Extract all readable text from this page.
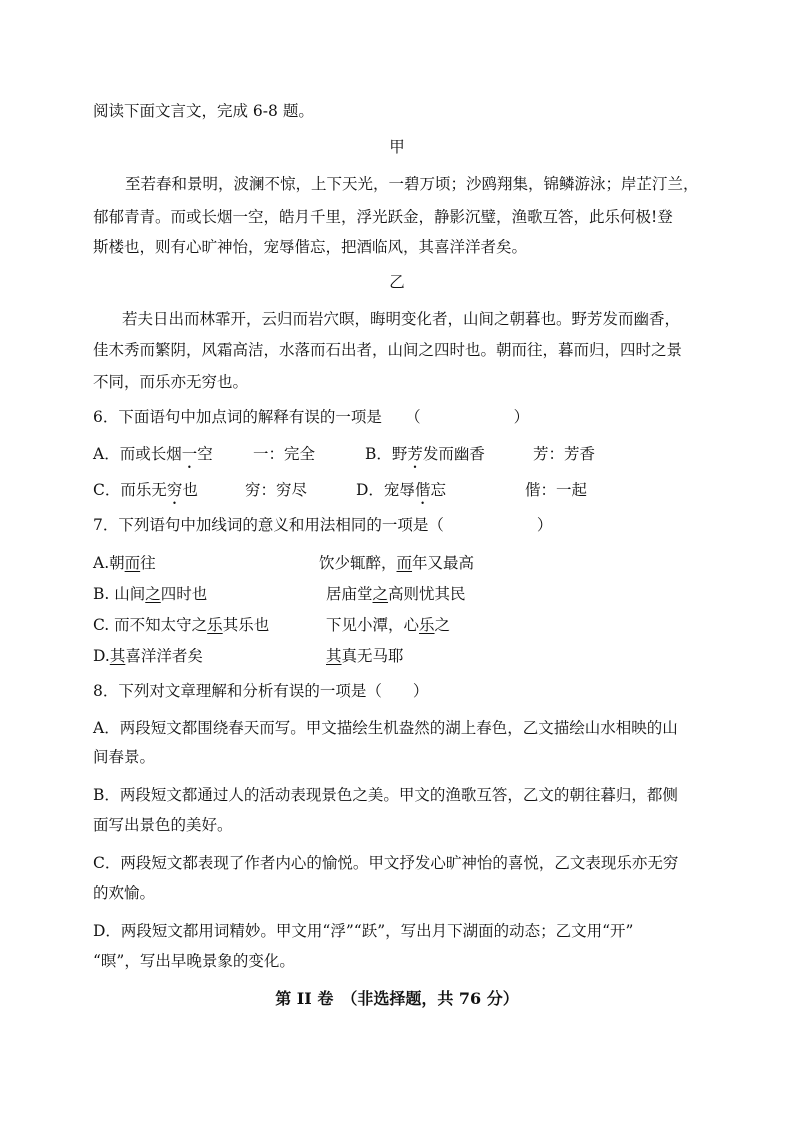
阅读下面文言文，完成 6-8 题。
甲
至若春和景明，波澜不惊，上下天光，一碧万顷；沙鸥翔集，锦鳞游泳；岸芷汀兰，
郁郁青青。而或长烟一空，皓月千里，浮光跃金，静影沉璧，渔歌互答，此乐何极!登
斯楼也，则有心旷神怡，宠辱偕忘，把酒临风，其喜洋洋者矣。
乙
若夫日出而林霏开，云归而岩穴暝，晦明变化者，山间之朝暮也。野芳发而幽香，
佳木秀而繁阴，风霜高洁，水落而石出者，山间之四时也。朝而往，暮而归，四时之景
不同，而乐亦无穷也。
6．下面语句中加点词的解释有误的一项是　　（　　　　　　）
A．而或长烟一空	一：完全	B．野芳发而幽香	芳：芳香
C．而乐无穷也	穷：穷尽	D．宠辱偕忘	偕：一起
7．下列语句中加线词的意义和用法相同的一项是（　　　　　　）
A.朝而往	饮少辄醉，而年又最高
B. 山间之四时也	居庙堂之高则忧其民
C. 而不知太守之乐其乐也	下见小潭，心乐之
D.其喜洋洋者矣	其真无马耶
8．下列对文章理解和分析有误的一项是（　　）
A．两段短文都围绕春天而写。甲文描绘生机盎然的湖上春色，乙文描绘山水相映的山
间春景。
B．两段短文都通过人的活动表现景色之美。甲文的渔歌互答，乙文的朝往暮归，都侧
面写出景色的美好。
C．两段短文都表现了作者内心的愉悦。甲文抒发心旷神怡的喜悦，乙文表现乐亦无穷
的欢愉。
D．两段短文都用词精妙。甲文用“浮”“跃”，写出月下湖面的动态；乙文用“开”
“暝”，写出早晚景象的变化。
第 II 卷　（非选择题，共 76 分）
